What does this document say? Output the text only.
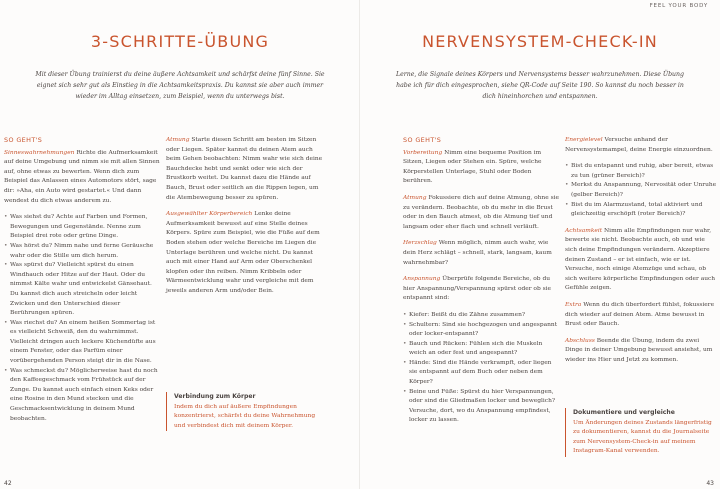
3-SCHRITTE-ÜBUNG

Mit dieser Übung trainierst du deine äußere Achtsamkeit und schärfst deine fünf Sinne. Sie eignet sich sehr gut als Einstieg in die Achtsamkeitspraxis. Du kannst sie aber auch immer wieder im Alltag einsetzen, zum Beispiel, wenn du unterwegs bist.

SO GEHT'S

Sinneswahrnehmungen Richte die Aufmerksamkeit auf deine Umgebung und nimm sie mit allen Sinnen auf, ohne etwas zu bewerten. Wenn dich zum Beispiel das Anlassen eines Automotors stört, sage dir: »Aha, ein Auto wird gestartet.« Und dann wendest du dich etwas anderem zu.

• Was siehst du? Achte auf Farben und Formen, Bewegungen und Gegenstände. Nenne zum Beispiel drei rote oder grüne Dinge.
• Was hörst du? Nimm nahe und ferne Geräusche wahr oder die Stille um dich herum.
• Was spürst du? Vielleicht spürst du einen Windhauch oder Hitze auf der Haut. Oder du nimmst Kälte wahr und entwickelst Gänsehaut. Du kannst dich auch streicheln oder leicht Zwicken und den Unterschied dieser Berührungen spüren.
• Was riechst du? An einem heißen Sommertag ist es vielleicht Schweiß, den du wahrnimmst. Vielleicht dringen auch leckere Küchendüfte aus einem Fenster, oder das Parfüm einer vorübergehenden Person steigt dir in die Nase.
• Was schmeckst du? Möglicherweise hast du noch den Kaffeegeschmack vom Frühstück auf der Zunge. Du kannst auch einfach einen Keks oder eine Rosine in den Mund stecken und die Geschmacksentwicklung in deinem Mund beobachten.

Atmung Starte diesen Schritt am besten im Sitzen oder Liegen. Später kannst du deinen Atem auch beim Gehen beobachten: Nimm wahr wie sich deine Bauchdecke hebt und senkt oder wie sich der Brustkorb weitet. Du kannst dazu die Hände auf Bauch, Brust oder seitlich an die Rippen legen, um die Atembewegung besser zu spüren.

Ausgewählter Körperbereich Lenke deine Aufmerksamkeit bewusst auf eine Stelle deines Körpers. Spüre zum Beispiel, wie die Füße auf dem Boden stehen oder welche Bereiche im Liegen die Unterlage berühren und welche nicht. Du kannst auch mit einer Hand auf Arm oder Oberschenkel klopfen oder ihn reiben. Nimm Kribbeln oder Wärmeentwicklung wahr und vergleiche mit dem jeweils anderen Arm und/oder Bein.

Verbindung zum Körper

Indem du dich auf äußere Empfindungen konzentrierst, schärfst du deine Wahrnehmung und verbindest dich mit deinem Körper.

42
FEEL YOUR BODY
NERVENSYSTEM-CHECK-IN

Lerne, die Signale deines Körpers und Nervensystems besser wahrzunehmen. Diese Übung habe ich für dich eingesprochen, siehe QR-Code auf Seite 190. So kannst du noch besser in dich hineinhorchen und entspannen.

SO GEHT'S

Vorbereitung Nimm eine bequeme Position im Sitzen, Liegen oder Stehen ein. Spüre, welche Körperstellen Unterlage, Stuhl oder Boden berühren.

Atmung Fokussiere dich auf deine Atmung, ohne sie zu verändern. Beobachte, ob du mehr in die Brust oder in den Bauch atmest, ob die Atmung tief und langsam oder eher flach und schnell verläuft.

Herzschlag Wenn möglich, nimm auch wahr, wie dein Herz schlägt – schnell, stark, langsam, kaum wahrnehmbar?

Anspannung Überprüfe folgende Bereiche, ob du hier Anspannung/Verspannung spürst oder ob sie entspannt sind:

• Kiefer: Beißt du die Zähne zusammen?
• Schultern: Sind sie hochgezogen und angespannt oder locker-entspannt?
• Bauch und Rücken: Fühlen sich die Muskeln weich an oder fest und angespannt?
• Hände: Sind die Hände verkrampft, oder liegen sie entspannt auf dem Buch oder neben dem Körper?
• Beine und Füße: Spürst du hier Verspannungen, oder sind die Gliedmaßen locker und beweglich? Versuche, dort, wo du Anspannung empfindest, locker zu lassen.

Energielevel Versuche anhand der Nervensystemampel, deine Energie einzuordnen.

• Bist du entspannt und ruhig, aber bereit, etwas zu tun (grüner Bereich)?
• Merkst du Anspannung, Nervosität oder Unruhe (gelber Bereich)?
• Bist du im Alarmzustand, total aktiviert und gleichzeitig erschöpft (roter Bereich)?

Achtsamkeit Nimm alle Empfindungen nur wahr, bewerte sie nicht. Beobachte auch, ob und wie sich deine Empfindungen verändern. Akzeptiere deinen Zustand – er ist einfach, wie er ist. Versuche, noch einige Atemzüge und schau, ob sich weitere körperliche Empfindungen oder auch Gefühle zeigen.

Extra Wenn du dich überfordert fühlst, fokussiere dich wieder auf deinen Atem. Atme bewusst in Brust oder Bauch.

Abschluss Beende die Übung, indem du zwei Dinge in deiner Umgebung bewusst ansiehst, um wieder ins Hier und Jetzt zu kommen.

Dokumentiere und vergleiche

Um Änderungen deines Zustands längerfristig zu dokumentieren, kannst du die Journalseite zum Nervensystem-Check-in auf meinem Instagram-Kanal verwenden.

43
